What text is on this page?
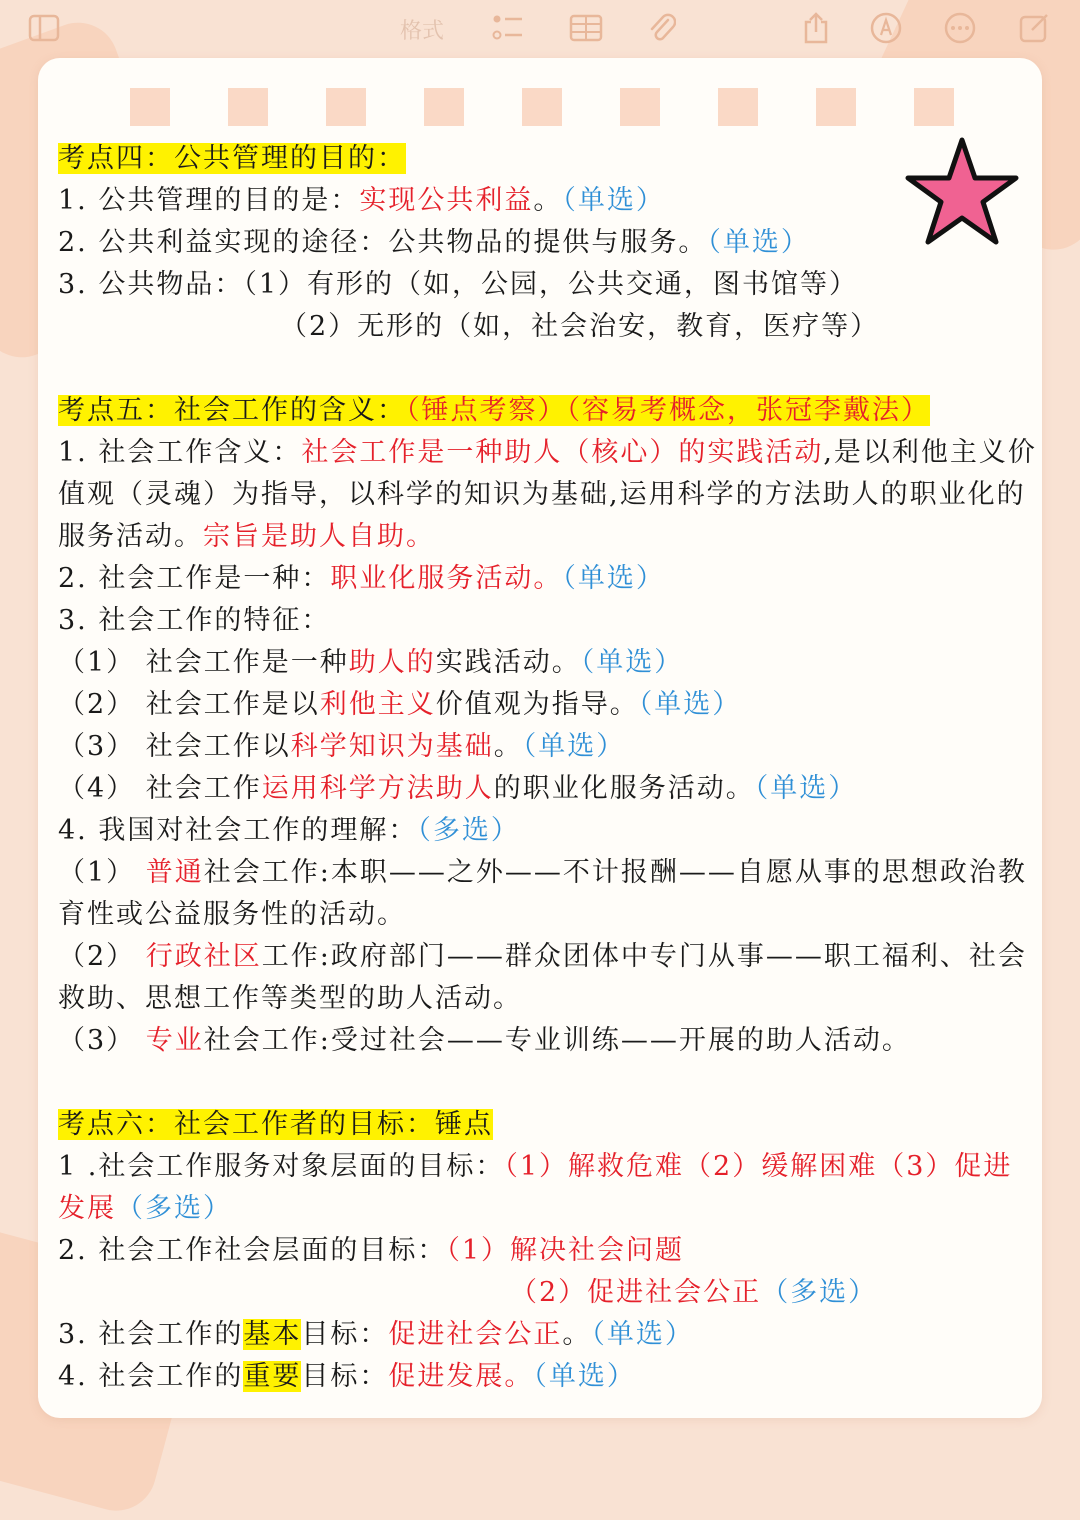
格式
考点四：公共管理的目的：
1. 公共管理的目的是：实现公共利益。（单选）
2. 公共利益实现的途径：公共物品的提供与服务。（单选）
3. 公共物品：（1）有形的（如，公园，公共交通，图书馆等）
（2）无形的（如，社会治安，教育，医疗等）
考点五：社会工作的含义：（锤点考察）（容易考概念，张冠李戴法）
1. 社会工作含义：社会工作是一种助人（核心）的实践活动,是以利他主义价值观（灵魂）为指导，以科学的知识为基础,运用科学的方法助人的职业化的服务活动。宗旨是助人自助。
2. 社会工作是一种：职业化服务活动。（单选）
3. 社会工作的特征：
（1） 社会工作是一种助人的实践活动。（单选）
（2） 社会工作是以利他主义价值观为指导。（单选）
（3） 社会工作以科学知识为基础。（单选）
（4） 社会工作运用科学方法助人的职业化服务活动。（单选）
4. 我国对社会工作的理解：（多选）
（1） 普通社会工作:本职——之外——不计报酬——自愿从事的思想政治教育性或公益服务性的活动。
（2） 行政社区工作:政府部门——群众团体中专门从事——职工福利、社会救助、思想工作等类型的助人活动。
（3） 专业社会工作:受过社会——专业训练——开展的助人活动。
考点六：社会工作者的目标：锤点
1 .社会工作服务对象层面的目标：（1）解救危难（2）缓解困难（3）促进发展（多选）
2. 社会工作社会层面的目标：（1）解决社会问题
（2）促进社会公正（多选）
3. 社会工作的基本目标：促进社会公正。（单选）
4. 社会工作的重要目标：促进发展。（单选）
